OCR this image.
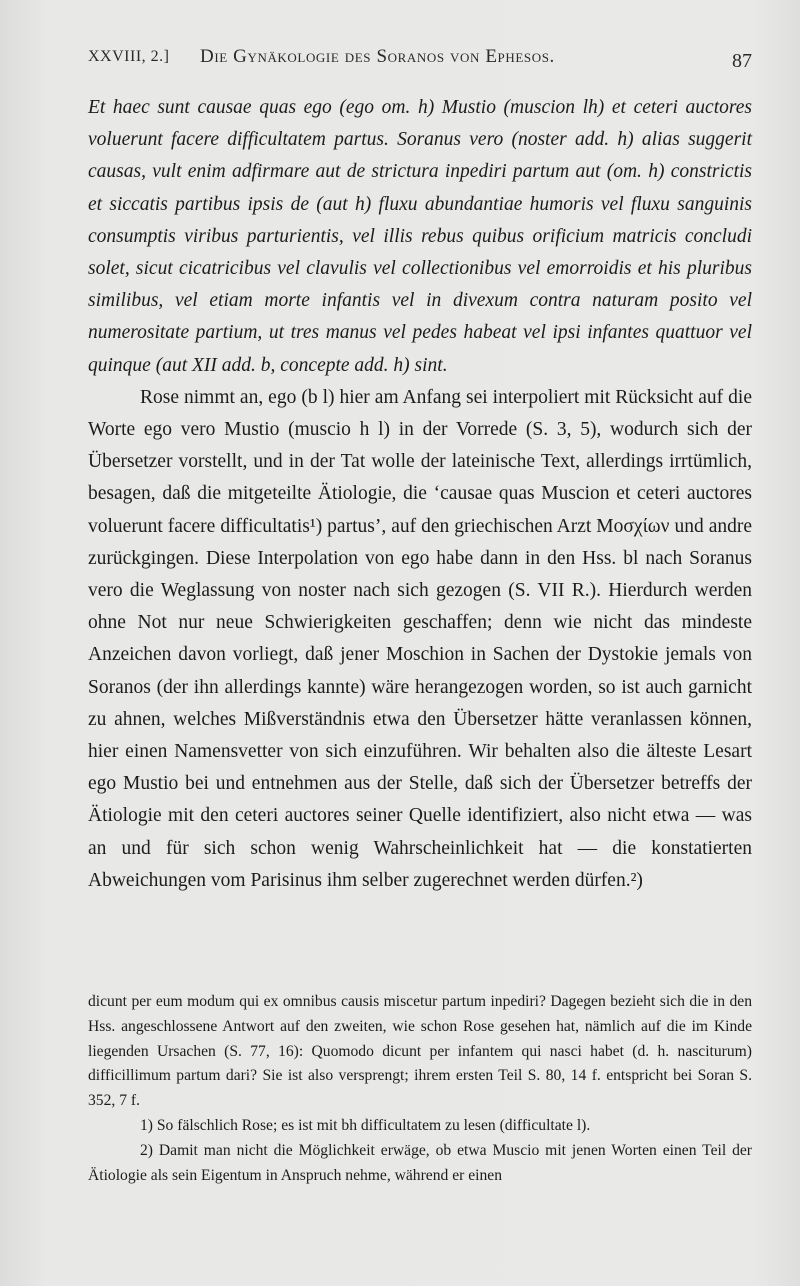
XXVIII, 2.] Die Gynäkologie des Soranos von Ephesos.	87

Et haec sunt causae quas ego (ego om. h) Mustio (muscion lh) et ceteri auctores voluerunt facere difficultatem partus. Soranus vero (noster add. h) alias suggerit causas, vult enim adfirmare aut de strictura inpediri partum aut (om. h) constrictis et siccatis partibus ipsis de (aut h) fluxu abundantiae humoris vel fluxu sanguinis consumptis viribus parturientis, vel illis rebus quibus orificium matricis concludi solet, sicut cicatricibus vel clavulis vel collectionibus vel emorroidis et his pluribus similibus, vel etiam morte infantis vel in divexum contra naturam posito vel numerositate partium, ut tres manus vel pedes habeat vel ipsi infantes quattuor vel quinque (aut XII add. b, concepte add. h) sint.

Rose nimmt an, ego (b l) hier am Anfang sei interpoliert mit Rücksicht auf die Worte ego vero Mustio (muscio h l) in der Vorrede (S. 3, 5), wodurch sich der Übersetzer vorstellt, und in der Tat wolle der lateinische Text, allerdings irrtümlich, besagen, daß die mitgeteilte Ätiologie, die ‘causae quas Muscion et ceteri auctores voluerunt facere difficultatis¹) partus’, auf den griechischen Arzt Μοσχίων und andre zurückgingen. Diese Interpolation von ego habe dann in den Hss. bl nach Soranus vero die Weglassung von noster nach sich gezogen (S. VII R.). Hierdurch werden ohne Not nur neue Schwierigkeiten geschaffen; denn wie nicht das mindeste Anzeichen davon vorliegt, daß jener Moschion in Sachen der Dystokie jemals von Soranos (der ihn allerdings kannte) wäre herangezogen worden, so ist auch garnicht zu ahnen, welches Mißverständnis etwa den Übersetzer hätte veranlassen können, hier einen Namensvetter von sich einzuführen. Wir behalten also die älteste Lesart ego Mustio bei und entnehmen aus der Stelle, daß sich der Übersetzer betreffs der Ätiologie mit den ceteri auctores seiner Quelle identifiziert, also nicht etwa — was an und für sich schon wenig Wahrscheinlichkeit hat — die konstatierten Abweichungen vom Parisinus ihm selber zugerechnet werden dürfen.²)

dicunt per eum modum qui ex omnibus causis miscetur partum inpediri? Dagegen bezieht sich die in den Hss. angeschlossene Antwort auf den zweiten, wie schon Rose gesehen hat, nämlich auf die im Kinde liegenden Ursachen (S. 77, 16): Quomodo dicunt per infantem qui nasci habet (d. h. nasciturum) difficillimum partum dari? Sie ist also versprengt; ihrem ersten Teil S. 80, 14 f. entspricht bei Soran S. 352, 7 f.

1) So fälschlich Rose; es ist mit bh difficultatem zu lesen (difficultate l).

2) Damit man nicht die Möglichkeit erwäge, ob etwa Muscio mit jenen Worten einen Teil der Ätiologie als sein Eigentum in Anspruch nehme, während er einen
